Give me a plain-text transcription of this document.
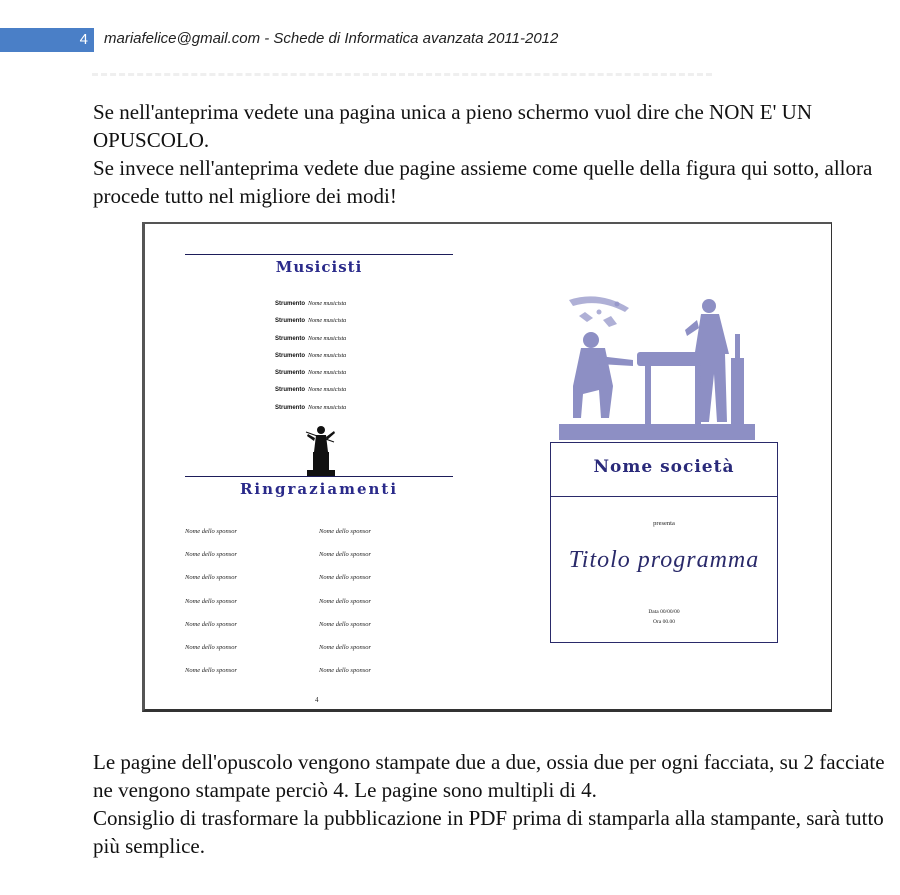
4 mariafelice@gmail.com - Schede di Informatica avanzata 2011-2012
Se nell'anteprima vedete una pagina unica a pieno schermo vuol dire che NON E' UN OPUSCOLO.
Se invece nell'anteprima vedete due pagine assieme come quelle della figura qui sotto, allora procede tutto nel migliore dei modi!
Musicisti
Strumento Nome musicista
Strumento Nome musicista
Strumento Nome musicista
Strumento Nome musicista
Strumento Nome musicista
Strumento Nome musicista
Strumento Nome musicista
Ringraziamenti
Nome dello sponsor
Nome dello sponsor
Nome dello sponsor
Nome dello sponsor
Nome dello sponsor
Nome dello sponsor
Nome dello sponsor
Nome dello sponsor
Nome dello sponsor
Nome dello sponsor
Nome dello sponsor
Nome dello sponsor
Nome dello sponsor
Nome dello sponsor
4
Nome società
presenta
Titolo programma
Data 00/00/00
Ora 00.00
Le pagine dell'opuscolo vengono stampate due a due, ossia due per ogni facciata, su 2 facciate ne vengono stampate perciò 4. Le pagine sono multipli di 4.
Consiglio di trasformare la pubblicazione in PDF prima di stamparla alla stampante, sarà tutto più semplice.
